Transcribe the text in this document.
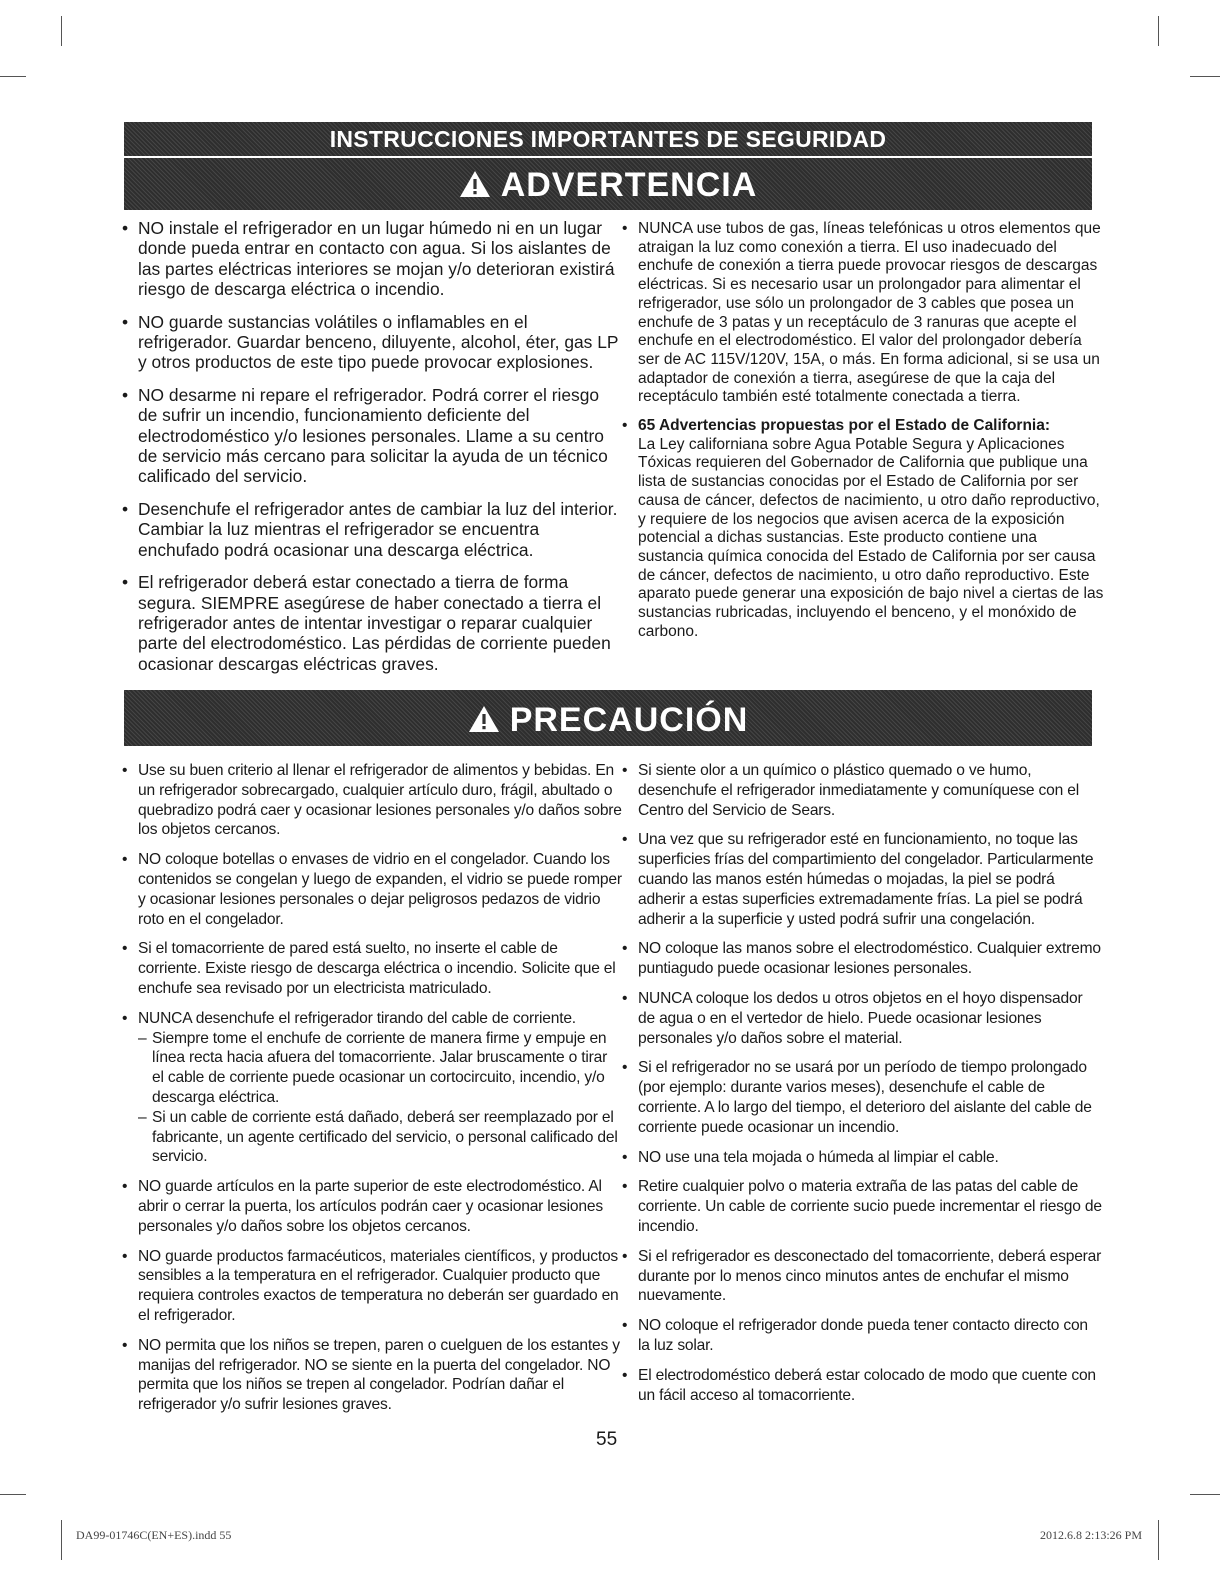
INSTRUCCIONES IMPORTANTES DE SEGURIDAD
ADVERTENCIA
• NO instale el refrigerador en un lugar húmedo ni en un lugar donde pueda entrar en contacto con agua. Si los aislantes de las partes eléctricas interiores se mojan y/o deterioran existirá riesgo de descarga eléctrica o incendio.
• NO guarde sustancias volátiles o inflamables en el refrigerador. Guardar benceno, diluyente, alcohol, éter, gas LP y otros productos de este tipo puede provocar explosiones.
• NO desarme ni repare el refrigerador. Podrá correr el riesgo de sufrir un incendio, funcionamiento deficiente del electrodoméstico y/o lesiones personales. Llame a su centro de servicio más cercano para solicitar la ayuda de un técnico calificado del servicio.
• Desenchufe el refrigerador antes de cambiar la luz del interior. Cambiar la luz mientras el refrigerador se encuentra enchufado podrá ocasionar una descarga eléctrica.
• El refrigerador deberá estar conectado a tierra de forma segura. SIEMPRE asegúrese de haber conectado a tierra el refrigerador antes de intentar investigar o reparar cualquier parte del electrodoméstico. Las pérdidas de corriente pueden ocasionar descargas eléctricas graves.
• NUNCA use tubos de gas, líneas telefónicas u otros elementos que atraigan la luz como conexión a tierra. El uso inadecuado del enchufe de conexión a tierra puede provocar riesgos de descargas eléctricas. Si es necesario usar un prolongador para alimentar el refrigerador, use sólo un prolongador de 3 cables que posea un enchufe de 3 patas y un receptáculo de 3 ranuras que acepte el enchufe en el electrodoméstico. El valor del prolongador debería ser de AC 115V/120V, 15A, o más. En forma adicional, si se usa un adaptador de conexión a tierra, asegúrese de que la caja del receptáculo también esté totalmente conectada a tierra.
• 65 Advertencias propuestas por el Estado de California:
La Ley californiana sobre Agua Potable Segura y Aplicaciones Tóxicas requieren del Gobernador de California que publique una lista de sustancias conocidas por el Estado de California por ser causa de cáncer, defectos de nacimiento, u otro daño reproductivo, y requiere de los negocios que avisen acerca de la exposición potencial a dichas sustancias. Este producto contiene una sustancia química conocida del Estado de California por ser causa de cáncer, defectos de nacimiento, u otro daño reproductivo. Este aparato puede generar una exposición de bajo nivel a ciertas de las sustancias rubricadas, incluyendo el benceno, y el monóxido de carbono.
PRECAUCIÓN
• Use su buen criterio al llenar el refrigerador de alimentos y bebidas. En un refrigerador sobrecargado, cualquier artículo duro, frágil, abultado o quebradizo podrá caer y ocasionar lesiones personales y/o daños sobre los objetos cercanos.
• NO coloque botellas o envases de vidrio en el congelador. Cuando los contenidos se congelan y luego de expanden, el vidrio se puede romper y ocasionar lesiones personales o dejar peligrosos pedazos de vidrio roto en el congelador.
• Si el tomacorriente de pared está suelto, no inserte el cable de corriente. Existe riesgo de descarga eléctrica o incendio. Solicite que el enchufe sea revisado por un electricista matriculado.
• NUNCA desenchufe el refrigerador tirando del cable de corriente.
– Siempre tome el enchufe de corriente de manera firme y empuje en línea recta hacia afuera del tomacorriente. Jalar bruscamente o tirar el cable de corriente puede ocasionar un cortocircuito, incendio, y/o descarga eléctrica.
– Si un cable de corriente está dañado, deberá ser reemplazado por el fabricante, un agente certificado del servicio, o personal calificado del servicio.
• NO guarde artículos en la parte superior de este electrodoméstico. Al abrir o cerrar la puerta, los artículos podrán caer y ocasionar lesiones personales y/o daños sobre los objetos cercanos.
• NO guarde productos farmacéuticos, materiales científicos, y productos sensibles a la temperatura en el refrigerador. Cualquier producto que requiera controles exactos de temperatura no deberán ser guardado en el refrigerador.
• NO permita que los niños se trepen, paren o cuelguen de los estantes y manijas del refrigerador. NO se siente en la puerta del congelador. NO permita que los niños se trepen al congelador. Podrían dañar el refrigerador y/o sufrir lesiones graves.
• Si siente olor a un químico o plástico quemado o ve humo, desenchufe el refrigerador inmediatamente y comuníquese con el Centro del Servicio de Sears.
• Una vez que su refrigerador esté en funcionamiento, no toque las superficies frías del compartimiento del congelador. Particularmente cuando las manos estén húmedas o mojadas, la piel se podrá adherir a estas superficies extremadamente frías. La piel se podrá adherir a la superficie y usted podrá sufrir una congelación.
• NO coloque las manos sobre el electrodoméstico. Cualquier extremo puntiagudo puede ocasionar lesiones personales.
• NUNCA coloque los dedos u otros objetos en el hoyo dispensador de agua o en el vertedor de hielo. Puede ocasionar lesiones personales y/o daños sobre el material.
• Si el refrigerador no se usará por un período de tiempo prolongado (por ejemplo: durante varios meses), desenchufe el cable de corriente. A lo largo del tiempo, el deterioro del aislante del cable de corriente puede ocasionar un incendio.
• NO use una tela mojada o húmeda al limpiar el cable.
• Retire cualquier polvo o materia extraña de las patas del cable de corriente. Un cable de corriente sucio puede incrementar el riesgo de incendio.
• Si el refrigerador es desconectado del tomacorriente, deberá esperar durante por lo menos cinco minutos antes de enchufar el mismo nuevamente.
• NO coloque el refrigerador donde pueda tener contacto directo con la luz solar.
• El electrodoméstico deberá estar colocado de modo que cuente con un fácil acceso al tomacorriente.
55
DA99-01746C(EN+ES).indd 55	2012.6.8 2:13:26 PM
